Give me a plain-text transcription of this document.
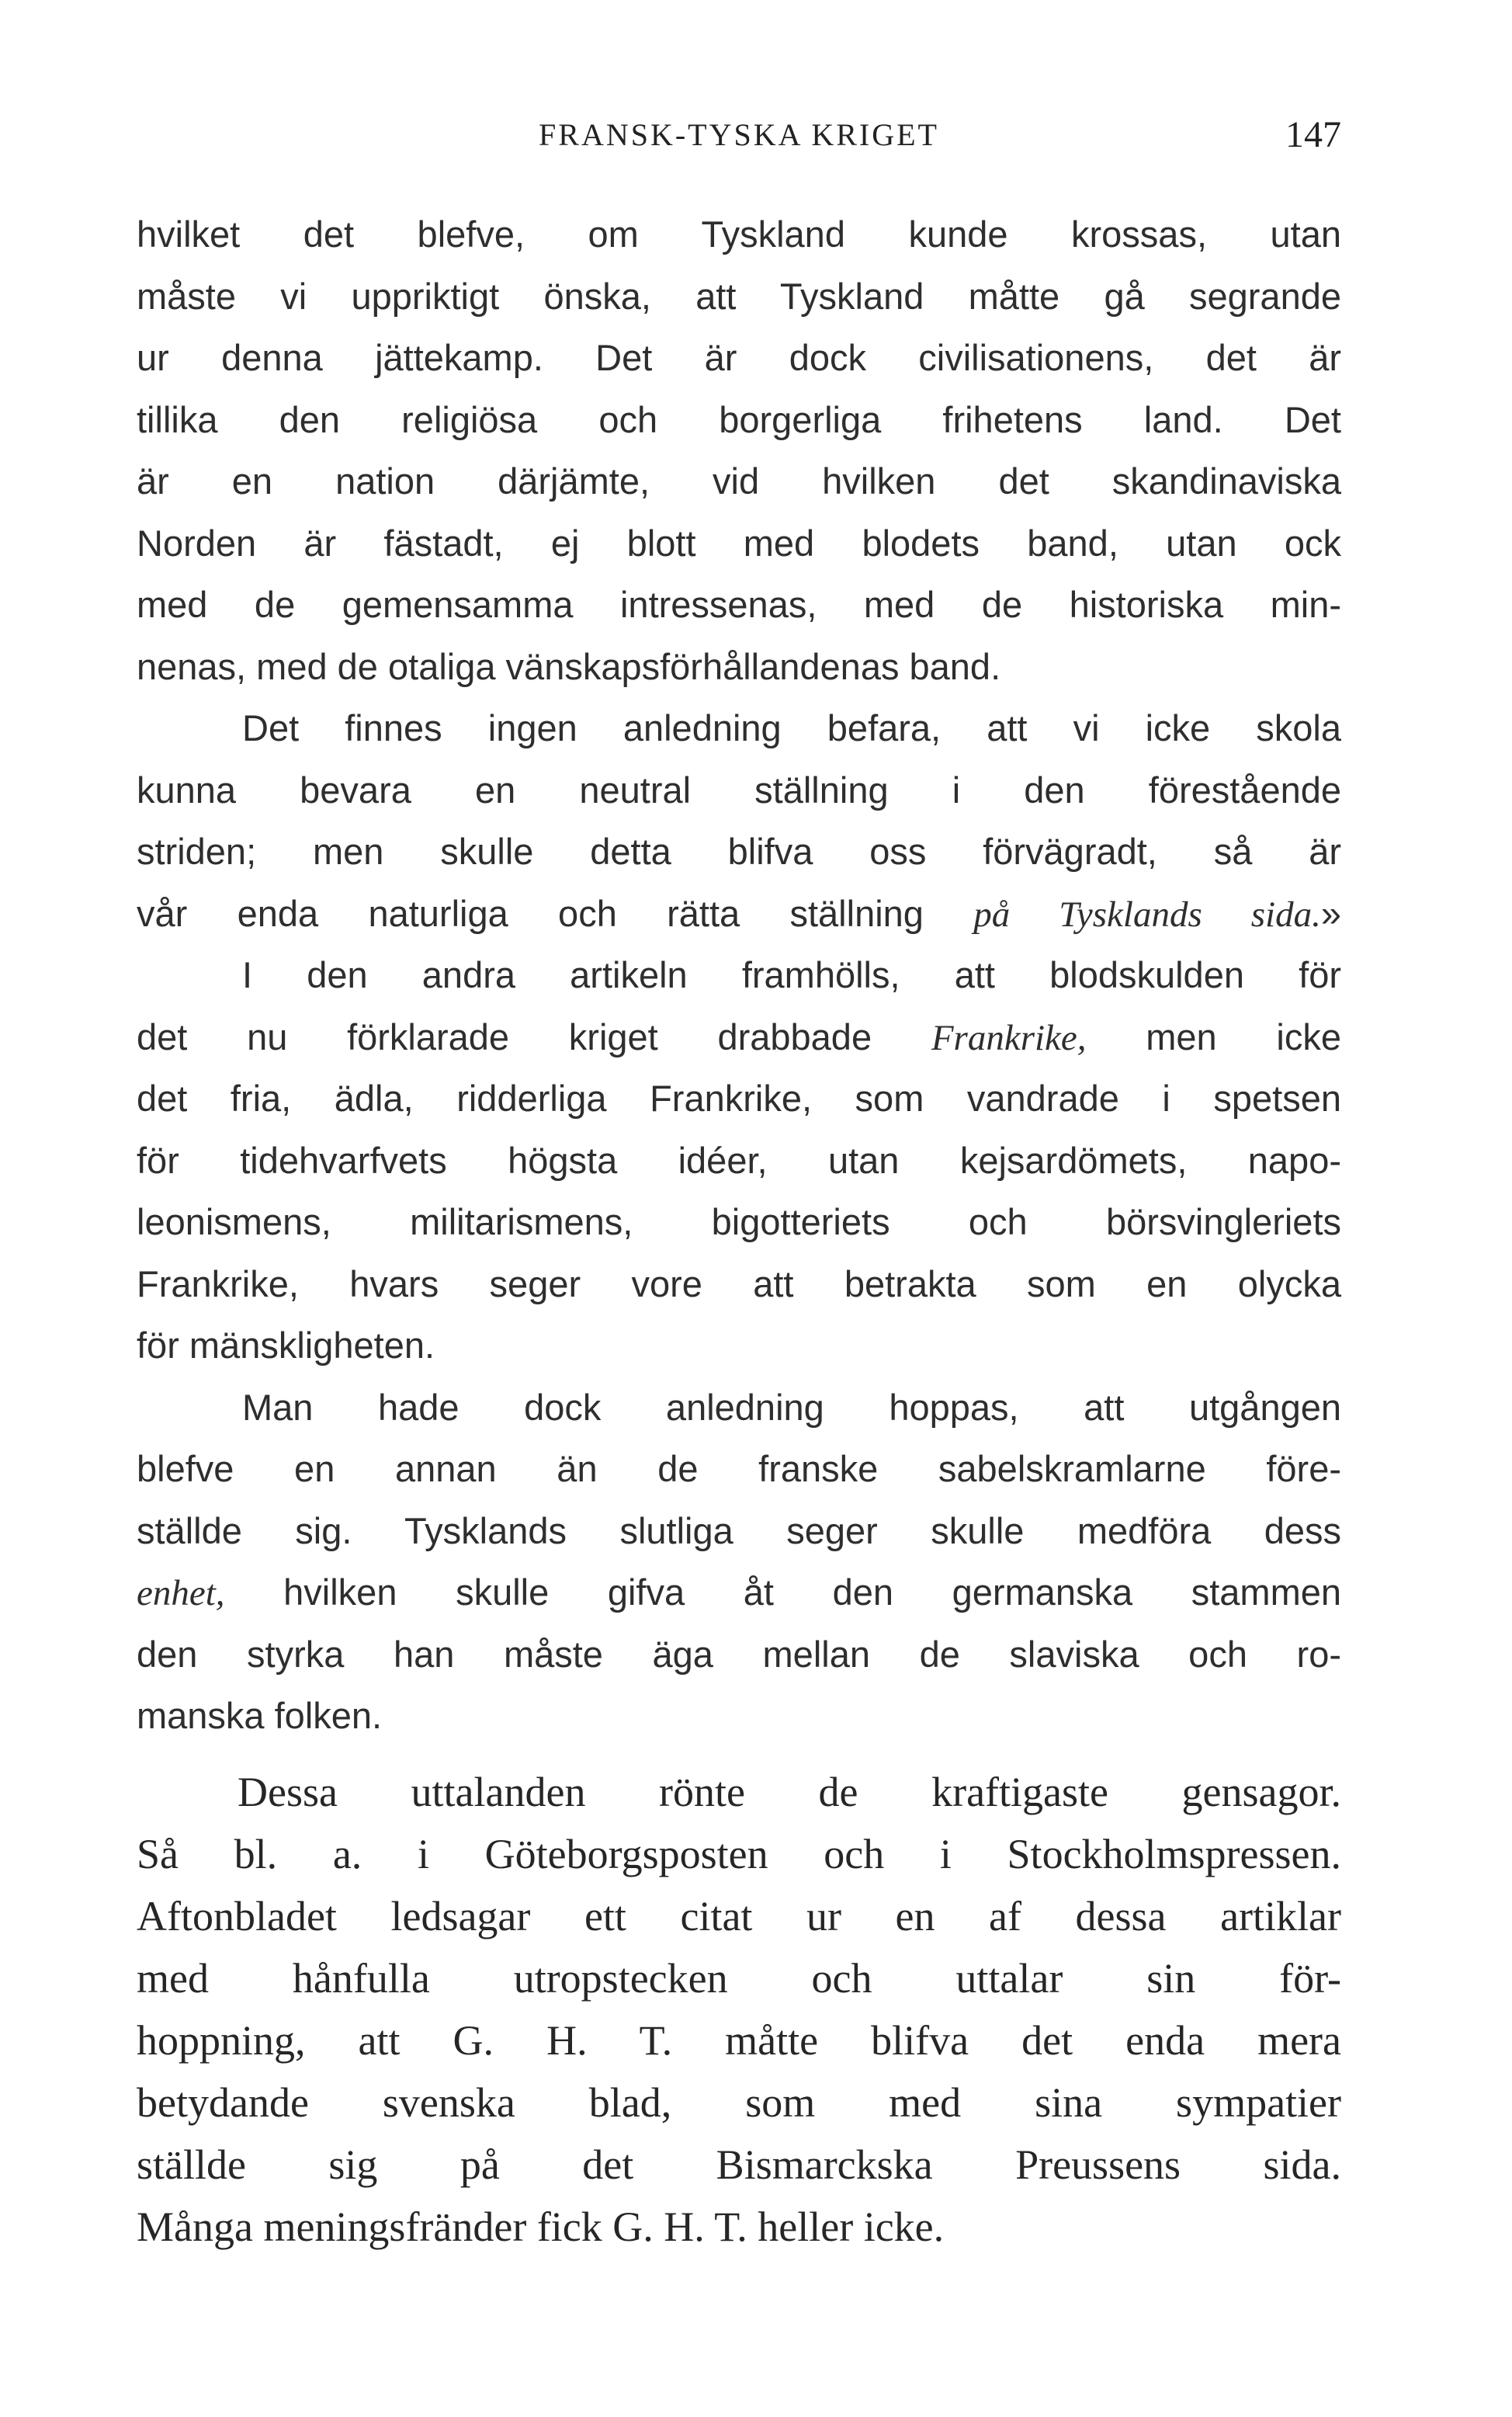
FRANSK-TYSKA KRIGET	147
hvilket det blefve, om Tyskland kunde krossas, utan
måste vi uppriktigt önska, att Tyskland måtte gå segrande
ur denna jättekamp. Det är dock civilisationens, det är
tillika den religiösa och borgerliga frihetens land. Det
är en nation därjämte, vid hvilken det skandinaviska
Norden är fästadt, ej blott med blodets band, utan ock
med de gemensamma intressenas, med de historiska min-
nenas, med de otaliga vänskapsförhållandenas band.
Det finnes ingen anledning befara, att vi icke skola
kunna bevara en neutral ställning i den förestående
striden; men skulle detta blifva oss förvägradt, så är
vår enda naturliga och rätta ställning på Tysklands sida.»
I den andra artikeln framhölls, att blodskulden för
det nu förklarade kriget drabbade Frankrike, men icke
det fria, ädla, ridderliga Frankrike, som vandrade i spetsen
för tidehvarfvets högsta idéer, utan kejsardömets, napo-
leonismens, militarismens, bigotteriets och börsvingleriets
Frankrike, hvars seger vore att betrakta som en olycka
för mänskligheten.
Man hade dock anledning hoppas, att utgången
blefve en annan än de franske sabelskramlarne före-
ställde sig. Tysklands slutliga seger skulle medföra dess
enhet, hvilken skulle gifva åt den germanska stammen
den styrka han måste äga mellan de slaviska och ro-
manska folken.
Dessa uttalanden rönte de kraftigaste gensagor.
Så bl. a. i Göteborgsposten och i Stockholmspressen.
Aftonbladet ledsagar ett citat ur en af dessa artiklar
med hånfulla utropstecken och uttalar sin för-
hoppning, att G. H. T. måtte blifva det enda mera
betydande svenska blad, som med sina sympatier
ställde sig på det Bismarckska Preussens sida.
Många meningsfränder fick G. H. T. heller icke.
